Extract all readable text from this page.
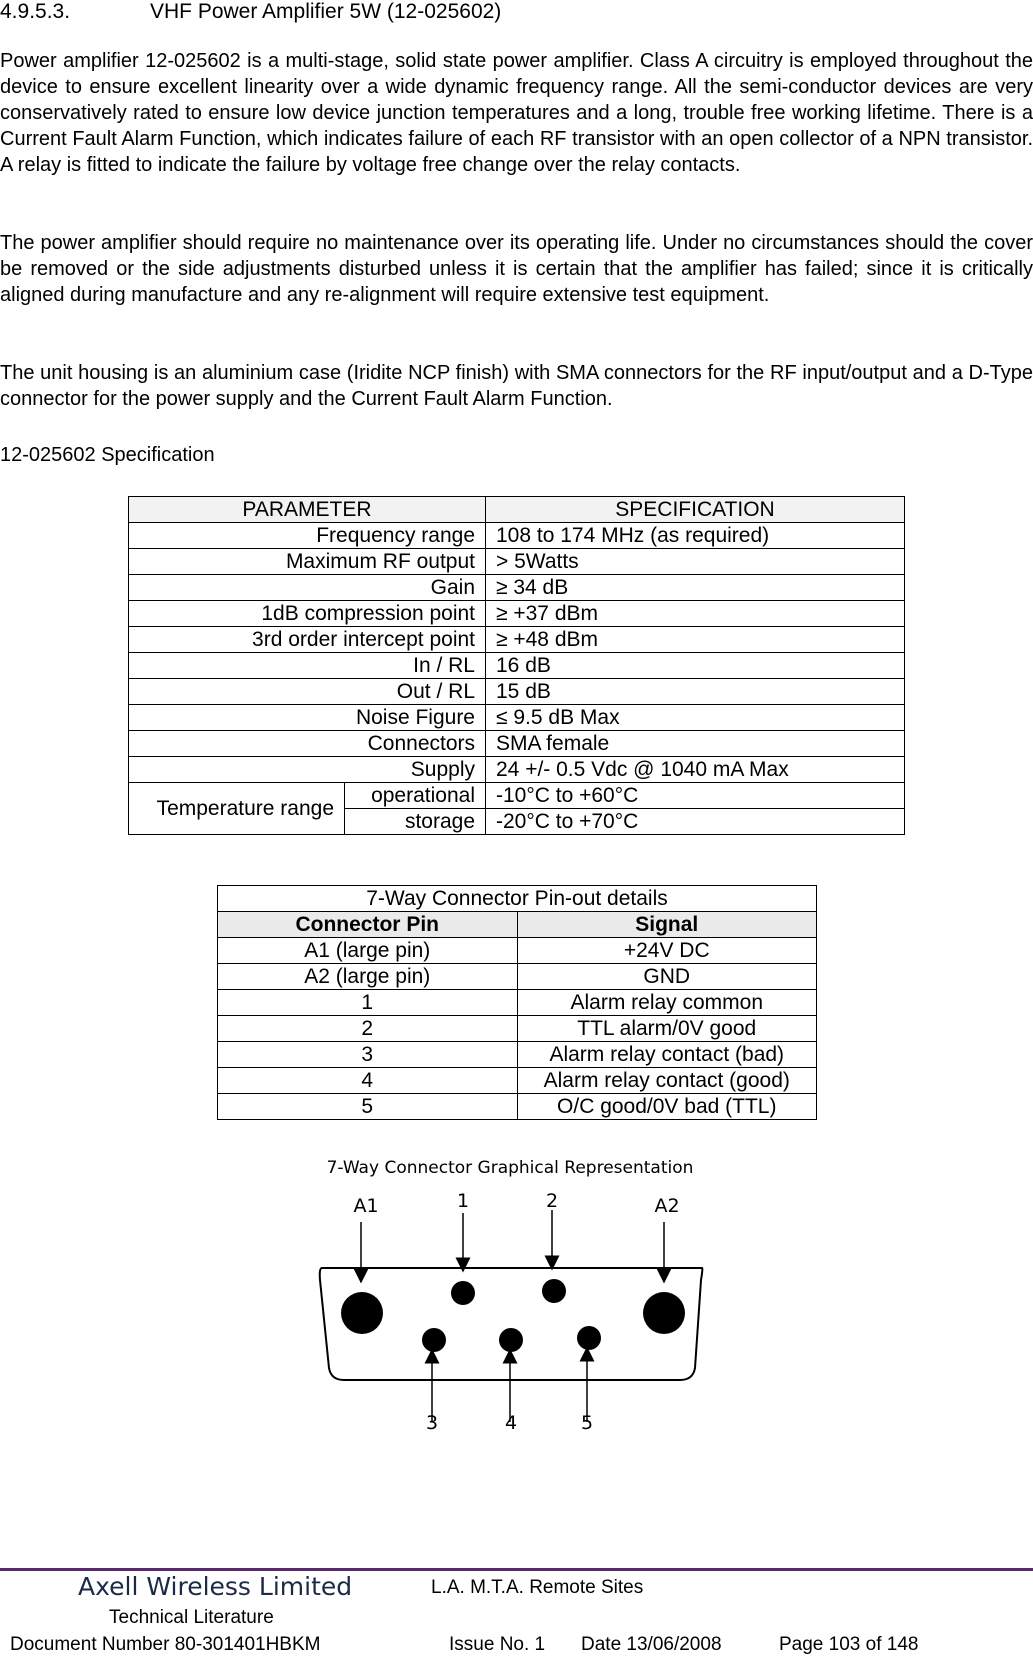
4.9.5.3.	VHF Power Amplifier 5W (12-025602)

Power amplifier 12-025602 is a multi-stage, solid state power amplifier. Class A circuitry is employed throughout the device to ensure excellent linearity over a wide dynamic frequency range. All the semi-conductor devices are very conservatively rated to ensure low device junction temperatures and a long, trouble free working lifetime. There is a Current Fault Alarm Function, which indicates failure of each RF transistor with an open collector of a NPN transistor. A relay is fitted to indicate the failure by voltage free change over the relay contacts.

The power amplifier should require no maintenance over its operating life. Under no circumstances should the cover be removed or the side adjustments disturbed unless it is certain that the amplifier has failed; since it is critically aligned during manufacture and any re-alignment will require extensive test equipment.

The unit housing is an aluminium case (Iridite NCP finish) with SMA connectors for the RF input/output and a D-Type connector for the power supply and the Current Fault Alarm Function.

12-025602 Specification
PARAMETER		SPECIFICATION
Frequency range		108 to 174 MHz (as required)
Maximum RF output		> 5Watts
Gain		≥ 34 dB
1dB compression point		≥ +37 dBm
3rd order intercept point		≥ +48 dBm
In / RL		16 dB
Out / RL		15 dB
Noise Figure		≤ 9.5 dB Max
Connectors		SMA female
Supply		24 +/- 0.5 Vdc @ 1040 mA Max
Temperature range	operational	-10°C to +60°C
	storage	-20°C to +70°C
7-Way Connector Pin-out details	
Connector Pin	Signal
A1 (large pin)	+24V DC
A2 (large pin)	GND
1	Alarm relay common
2	TTL alarm/0V good
3	Alarm relay contact (bad)
4	Alarm relay contact (good)
5	O/C good/0V bad (TTL)
7-Way Connector Graphical Representation
A1	1	2	A2
3	4	5
Axell Wireless Limited	L.A. M.T.A. Remote Sites
Technical Literature
Document Number 80-301401HBKM	Issue No. 1 Date 13/06/2008	Page 103 of 148
